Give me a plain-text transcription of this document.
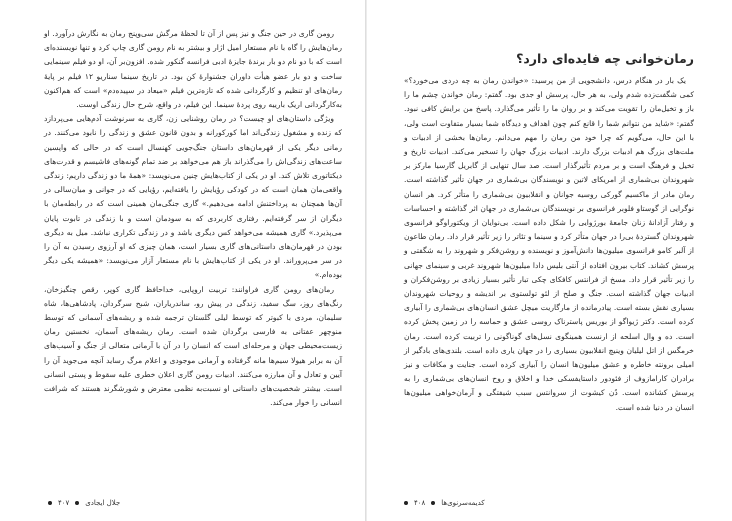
رومن گاری در حین جنگ و نیز پس از آن تا لحظهٔ مرگش سی‌وپنج رمان به نگارش درآورد. او رمان‌هایش را گاه با نام مستعار امیل اژار و بیشتر به نام رومن گاری چاپ کرد و تنها نویسنده‌ای است که با دو نام دو بار برندهٔ جایزهٔ ادبی فرانسه گنکور شده. افزون‌بر آن، او دو فیلم سینمایی ساخت و دو بار عضو هیأت داوران جشنوارهٔ کن بود. در تاریخ سینما سناریو ۱۲ فیلم بر پایهٔ رمان‌های او تنظیم و کارگردانی شده که تازه‌ترین فیلم «میعاد در سپیده‌دم» است که هم‌اکنون به‌کارگردانی اریک بارییه روی پردهٔ سینما. این فیلم، در واقع، شرح حال زندگی اوست.

ویژگی داستان‌های او چیست؟ در رمان روشنایی زن، گاری به سرنوشت آدم‌هایی می‌پردازد که زنده و مشغول زندگی‌اند اما کورکورانه و بدون قانون عشق و زندگی را نابود می‌کنند. در رمانی دیگر یکی از قهرمان‌های داستان جنگ‌جویی کهنسال است که در حالی که واپسین ساعت‌های زندگی‌اش را می‌گذراند باز هم می‌خواهد بر ضد تمام گونه‌های فاشیسم و قدرت‌های دیکتاتوری تلاش کند. او در یکی از کتاب‌هایش چنین می‌نویسد: «همهٔ ما دو زندگی داریم: زندگی واقعی‌مان همان است که در کودکی رؤیایش را یافته‌ایم، رؤیایی که در جوانی و میان‌سالی در آن‌ها همچنان به پرداختنش ادامه می‌دهیم.» گاری جنگی‌مان همینی است که در رابطه‌مان با دیگران از سر گرفته‌ایم. رفتاری کاربردی که به سودمان است و با زندگی در تابوت پایان می‌پذیرد.» گاری همیشه می‌خواهد کس دیگری باشد و در زندگی تکراری نباشد. میل به دیگری بودن در قهرمان‌های داستانی‌های گاری بسیار است، همان چیزی که او آرزوی رسیدن به آن را در سر می‌پروراند. او در یکی از کتاب‌هایش با نام مستعار آزار می‌نویسد: «همیشه یکی دیگر بوده‌ام.»

رمان‌های رومن گاری فراوانند: تربیت اروپایی، خداحافظ گاری کوپر، رقص چنگیزخان، رنگ‌های روز، سگ سفید، زندگی در پیش رو، ساندریاران، شبح سرگردان، پادشاهی‌ها، شاه سلیمان، مردی با کبوتر که توسط لیلی گلستان ترجمه شده و ریشه‌های آسمانی که توسط منوچهر عفتانی به فارسی برگردان شده است. رمان ریشه‌های آسمان، نخستین رمان زیست‌محیطی جهان و مرحله‌ای است که انسان را در آن با آرمانی متعالی از جنگ و آسیب‌های آن به برابر هیولا سیم‌ها مانه گرفتاده و آرمانی موجودی و اعلام مرگ رساید آنچه می‌جوید آن را آیین و تعادل و آن مبارزه می‌کنند. ادبیات رومن گاری اعلان خطری علیه سقوط و پستی انسانی است. بیشتر شخصیت‌های داستانی او نسبت‌به نظمی معترض و شورشگرند هستند که شرافت انسانی را خوار می‌کند.

جلال ایجادی
۴۰۷
رمان‌خوانی چه فایده‌ای دارد؟

یک بار در هنگام درس، دانشجویی از من پرسید: «خواندن رمان به چه دردی می‌خورد؟» کمی شگفت‌زده شدم ولی، به هر حال، پرسش او جدی بود. گفتم: رمان خواندن چشم ما را باز و تخیل‌مان را تقویت می‌کند و بر روان ما را تأثیر می‌گذارد. پاسخ من برایش کافی نبود. گفتم: «شاید من نتوانم شما را قانع کنم چون اهداف و دیدگاه شما بسیار متفاوت است ولی، با این حال، می‌گویم که چرا خود من رمان را مهم می‌دانم. رمان‌ها بخشی از ادبیات و ملت‌های بزرگ هم ادبیات بزرگ دارند. ادبیات بزرگ جهان را تسخیر می‌کند. ادبیات تاریخ و تخیل و فرهنگ است و بر مردم تأثیرگذار است. صد سال تنهایی از گابریل گارسیا مارکز بر شهروندان بی‌شماری از امریکای لاتین و نویسندگان بی‌شماری در جهان تأثیر گذاشته است. رمان مادر از ماکسیم گورکی روسیه جوانان و انقلابیون بی‌شماری را متأثر کرد. هر انسان نوگرایی از گوستاو فلوبر فرانسوی بر نویسندگان بی‌شماری در جهان اثر گذاشته و احساسات و رفتار آزادانهٔ زنان جامعهٔ بورژوایی را شکل داده است. بی‌نوایان از ویکتوراوگو فرانسوی شهروندان گستردهٔ بی‌را در جهان متأثر کرد و سینما و تئاتر را زیر تأثیر قرار داد. رمان طاعون از آلبر کامو فرانسوی میلیون‌ها دانش‌آموز و نویسنده و روشن‌فکر و شهروند را به شگفتی و پرسش کشاند. کتاب بیرون افتاده از آنتی بلیس دادا میلیون‌ها شهروند غربی و سینمای جهانی را زیر تأثیر قرار داد. مسخ از فرانتس کافکای چکی تبار تأثیر بسیار زیادی بر روشن‌فکران و ادبیات جهان گذاشته است. جنگ و صلح از لئو تولستوی بر اندیشه و روحیات شهروندان بسیاری نقش بسته است. پیادرمانده از مارگاریت میچل عشق انسان‌های بی‌شماری را آبیاری کرده است. دکتر ژیواگو از بوریس پاسترناک روسی عشق و حماسه را در زمین پخش کرده است. ده و وال اسلحه از ارنست همینگوی نسل‌های گوناگونی را تربیت کرده است. رمان خرمگس از اتل لیلیان وینیچ انقلابیون بسیاری را در جهان یاری داده است. بلندی‌های بادگیر از امیلی برونته خاطره و عشق میلیون‌ها انسان را آبیاری کرده است. جنایت و مکافات و نیز برادران کارامازوف از فئودور داستایفسکی خدا و اخلاق و روح انسان‌های بی‌شماری را به پرسش کشانده است. دُن کیشوت از سروانتس سبب شیفتگی و آرمان‌خواهی میلیون‌ها انسان در دنیا شده است.

کدیمه‌سرنوی‌ها
۴۰۸
